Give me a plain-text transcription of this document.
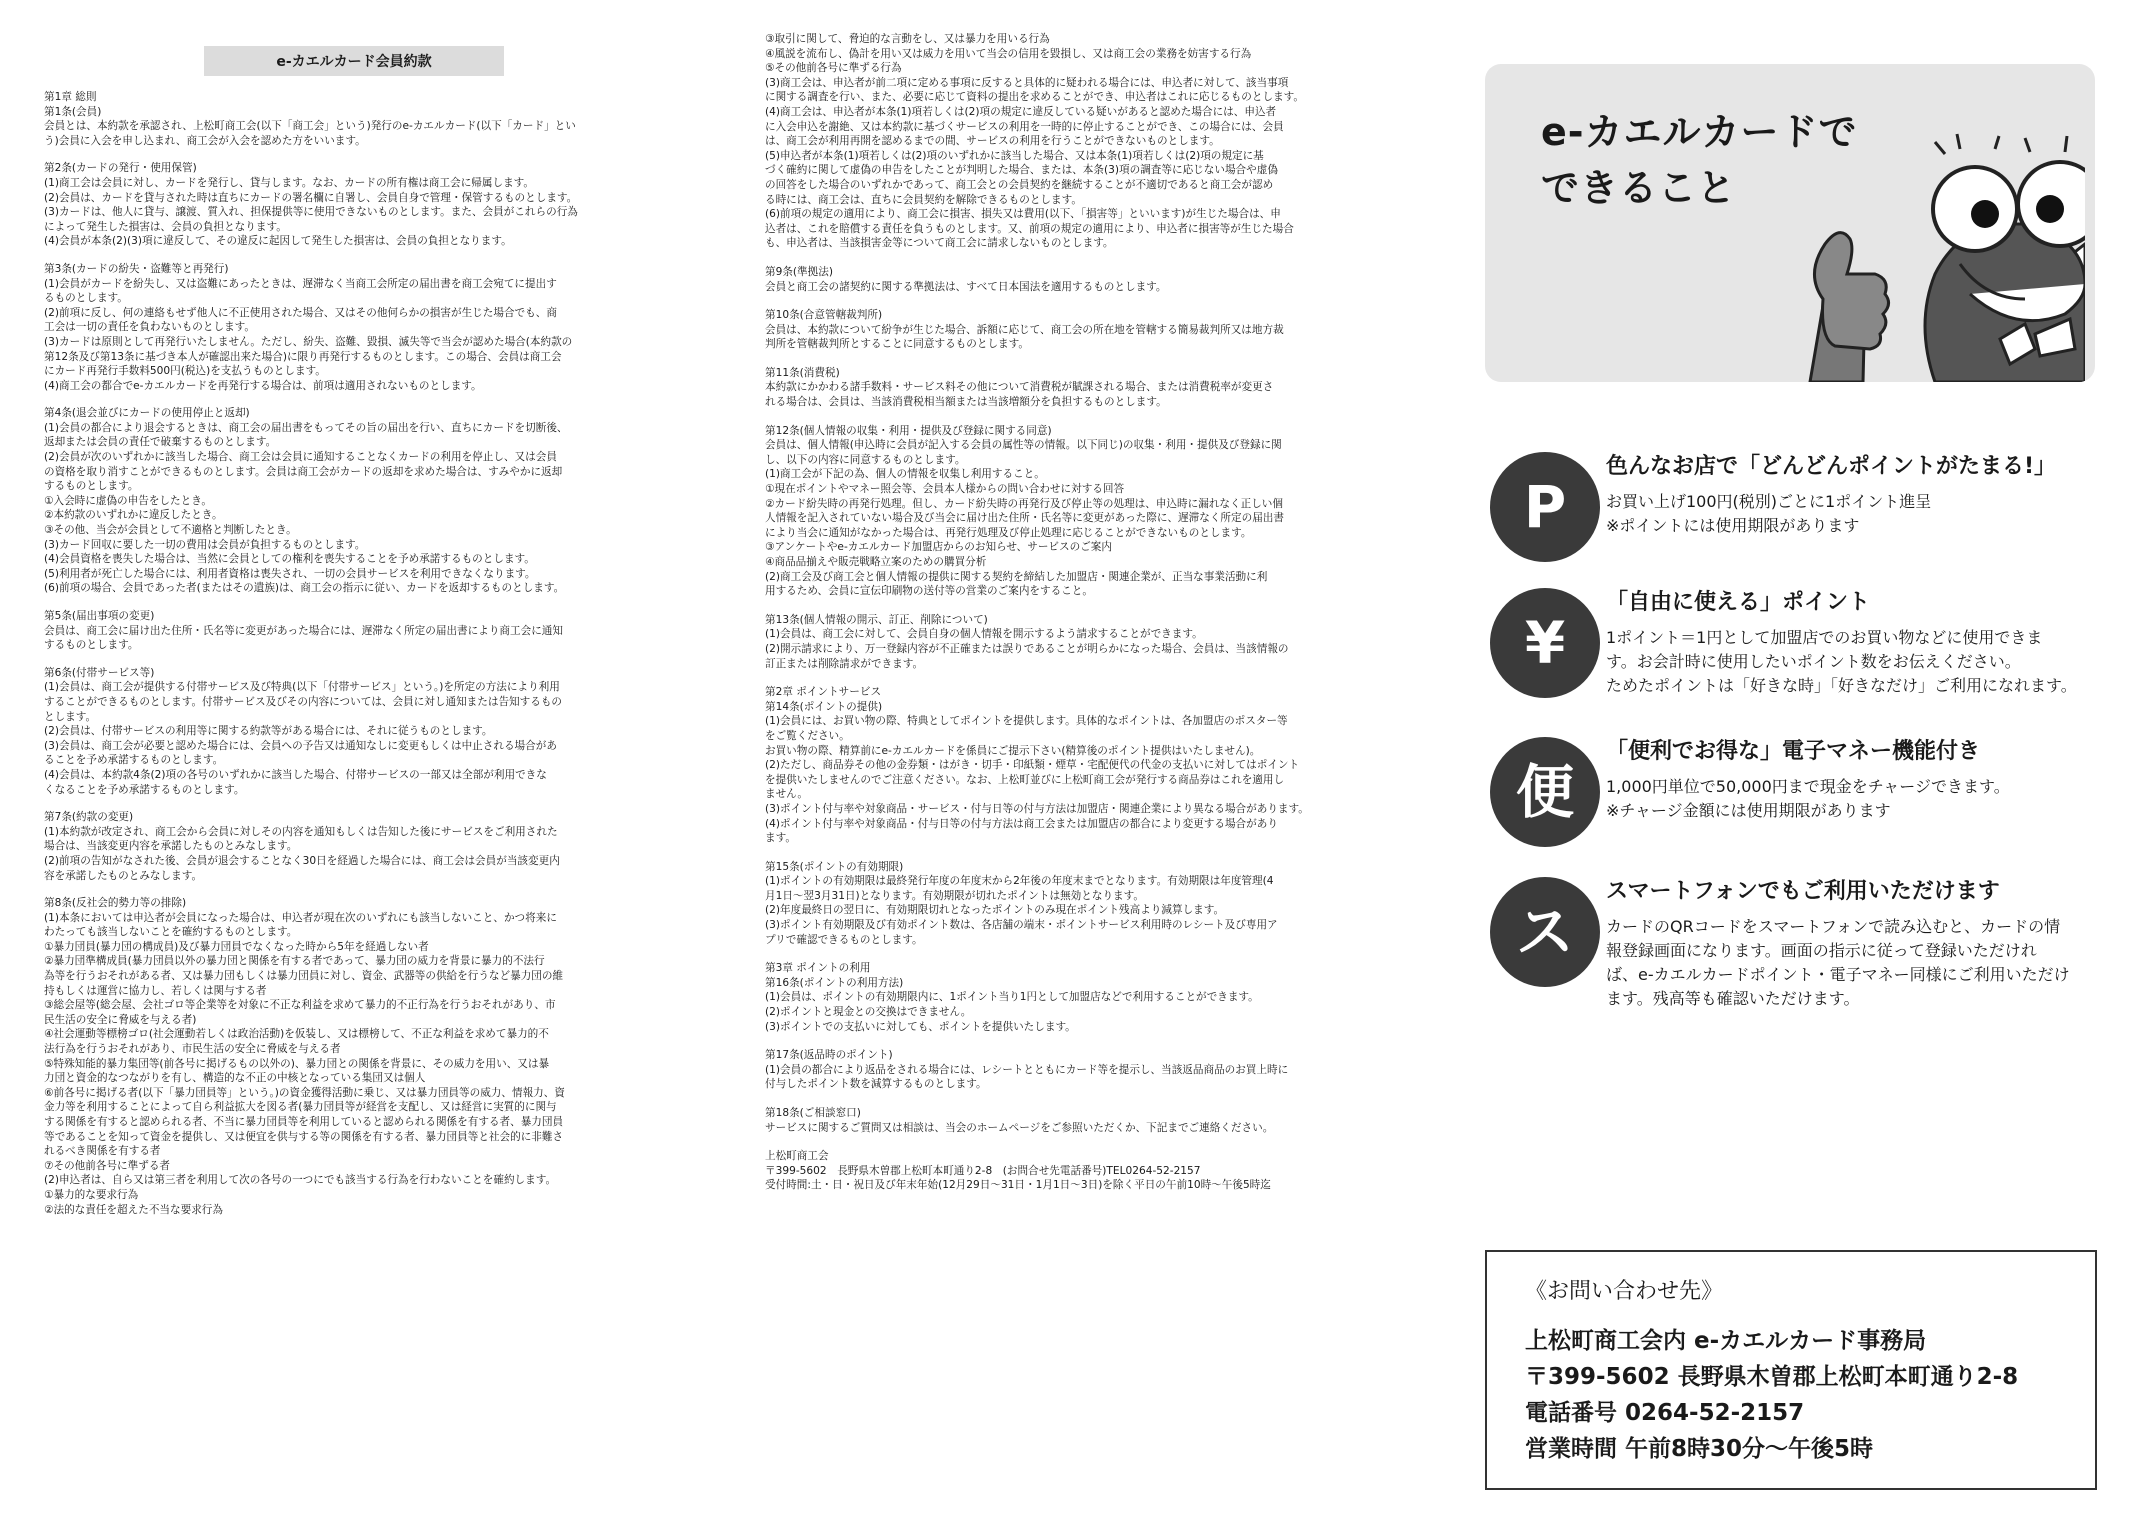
e-カエルカード会員約款
第1章 総則
第1条(会員)
会員とは、本約款を承認され、上松町商工会(以下「商工会」という)発行のe-カエルカード(以下「カード」とい
う)会員に入会を申し込まれ、商工会が入会を認めた方をいいます。
第2条(カードの発行・使用保管)
(1)商工会は会員に対し、カードを発行し、貸与します。なお、カードの所有権は商工会に帰属します。
(2)会員は、カードを貸与された時は直ちにカードの署名欄に自署し、会員自身で管理・保管するものとします。
(3)カードは、他人に貸与、譲渡、質入れ、担保提供等に使用できないものとします。また、会員がこれらの行為
によって発生した損害は、会員の負担となります。
(4)会員が本条(2)(3)項に違反して、その違反に起因して発生した損害は、会員の負担となります。
第3条(カードの紛失・盗難等と再発行)
(1)会員がカードを紛失し、又は盗難にあったときは、遅滞なく当商工会所定の届出書を商工会宛てに提出す
るものとします。
(2)前項に反し、何の連絡もせず他人に不正使用された場合、又はその他何らかの損害が生じた場合でも、商
工会は一切の責任を負わないものとします。
(3)カードは原則として再発行いたしません。ただし、紛失、盗難、毀損、滅失等で当会が認めた場合(本約款の
第12条及び第13条に基づき本人が確認出来た場合)に限り再発行するものとします。この場合、会員は商工会
にカード再発行手数料500円(税込)を支払うものとします。
(4)商工会の都合でe-カエルカードを再発行する場合は、前項は適用されないものとします。
第4条(退会並びにカードの使用停止と返却)
(1)会員の都合により退会するときは、商工会の届出書をもってその旨の届出を行い、直ちにカードを切断後、
返却または会員の責任で破棄するものとします。
(2)会員が次のいずれかに該当した場合、商工会は会員に通知することなくカードの利用を停止し、又は会員
の資格を取り消すことができるものとします。会員は商工会がカードの返却を求めた場合は、すみやかに返却
するものとします。
①入会時に虚偽の申告をしたとき。
②本約款のいずれかに違反したとき。
③その他、当会が会員として不適格と判断したとき。
(3)カード回収に要した一切の費用は会員が負担するものとします。
(4)会員資格を喪失した場合は、当然に会員としての権利を喪失することを予め承諾するものとします。
(5)利用者が死亡した場合には、利用者資格は喪失され、一切の会員サービスを利用できなくなります。
(6)前項の場合、会員であった者(またはその遺族)は、商工会の指示に従い、カードを返却するものとします。
第5条(届出事項の変更)
会員は、商工会に届け出た住所・氏名等に変更があった場合には、遅滞なく所定の届出書により商工会に通知
するものとします。
第6条(付帯サービス等)
(1)会員は、商工会が提供する付帯サービス及び特典(以下「付帯サービス」という。)を所定の方法により利用
することができるものとします。付帯サービス及びその内容については、会員に対し通知または告知するもの
とします。
(2)会員は、付帯サービスの利用等に関する約款等がある場合には、それに従うものとします。
(3)会員は、商工会が必要と認めた場合には、会員への予告又は通知なしに変更もしくは中止される場合があ
ることを予め承諾するものとします。
(4)会員は、本約款4条(2)項の各号のいずれかに該当した場合、付帯サービスの一部又は全部が利用できな
くなることを予め承諾するものとします。
第7条(約款の変更)
(1)本約款が改定され、商工会から会員に対しその内容を通知もしくは告知した後にサービスをご利用された
場合は、当該変更内容を承諾したものとみなします。
(2)前項の告知がなされた後、会員が退会することなく30日を経過した場合には、商工会は会員が当該変更内
容を承諾したものとみなします。
第8条(反社会的勢力等の排除)
(1)本条においては申込者が会員になった場合は、申込者が現在次のいずれにも該当しないこと、かつ将来に
わたっても該当しないことを確約するものとします。
①暴力団員(暴力団の構成員)及び暴力団員でなくなった時から5年を経過しない者
②暴力団準構成員(暴力団員以外の暴力団と関係を有する者であって、暴力団の威力を背景に暴力的不法行
為等を行うおそれがある者、又は暴力団もしくは暴力団員に対し、資金、武器等の供給を行うなど暴力団の維
持もしくは運営に協力し、若しくは関与する者
③総会屋等(総会屋、会社ゴロ等企業等を対象に不正な利益を求めて暴力的不正行為を行うおそれがあり、市
民生活の安全に脅威を与える者)
④社会運動等標榜ゴロ(社会運動若しくは政治活動)を仮装し、又は標榜して、不正な利益を求めて暴力的不
法行為を行うおそれがあり、市民生活の安全に脅威を与える者
⑤特殊知能的暴力集団等(前各号に掲げるもの以外の)、暴力団との関係を背景に、その威力を用い、又は暴
力団と資金的なつながりを有し、構造的な不正の中核となっている集団又は個人
⑥前各号に掲げる者(以下「暴力団員等」という。)の資金獲得活動に乗じ、又は暴力団員等の威力、情報力、資
金力等を利用することによって自ら利益拡大を図る者(暴力団員等が経営を支配し、又は経営に実質的に関与
する関係を有すると認められる者、不当に暴力団員等を利用していると認められる関係を有する者、暴力団員
等であることを知って資金を提供し、又は便宜を供与する等の関係を有する者、暴力団員等と社会的に非難さ
れるべき関係を有する者
⑦その他前各号に準ずる者
(2)申込者は、自ら又は第三者を利用して次の各号の一つにでも該当する行為を行わないことを確約します。
①暴力的な要求行為
②法的な責任を超えた不当な要求行為
③取引に関して、脅迫的な言動をし、又は暴力を用いる行為
④風説を流布し、偽計を用い又は威力を用いて当会の信用を毀損し、又は商工会の業務を妨害する行為
⑤その他前各号に準ずる行為
(3)商工会は、申込者が前二項に定める事項に反すると具体的に疑われる場合には、申込者に対して、該当事項
に関する調査を行い、また、必要に応じて資料の提出を求めることができ、申込者はこれに応じるものとします。
(4)商工会は、申込者が本条(1)項若しくは(2)項の規定に違反している疑いがあると認めた場合には、申込者
に入会申込を謝絶、又は本約款に基づくサービスの利用を一時的に停止することができ、この場合には、会員
は、商工会が利用再開を認めるまでの間、サービスの利用を行うことができないものとします。
(5)申込者が本条(1)項若しくは(2)項のいずれかに該当した場合、又は本条(1)項若しくは(2)項の規定に基
づく確約に関して虚偽の申告をしたことが判明した場合、または、本条(3)項の調査等に応じない場合や虚偽
の回答をした場合のいずれかであって、商工会との会員契約を継続することが不適切であると商工会が認め
る時には、商工会は、直ちに会員契約を解除できるものとします。
(6)前項の規定の適用により、商工会に損害、損失又は費用(以下、「損害等」といいます)が生じた場合は、申
込者は、これを賠償する責任を負うものとします。又、前項の規定の適用により、申込者に損害等が生じた場合
も、申込者は、当該損害金等について商工会に請求しないものとします。
第9条(準拠法)
会員と商工会の諸契約に関する準拠法は、すべて日本国法を適用するものとします。
第10条(合意管轄裁判所)
会員は、本約款について紛争が生じた場合、訴額に応じて、商工会の所在地を管轄する簡易裁判所又は地方裁
判所を管轄裁判所とすることに同意するものとします。
第11条(消費税)
本約款にかかわる諸手数料・サービス料その他について消費税が賦課される場合、または消費税率が変更さ
れる場合は、会員は、当該消費税相当額または当該増額分を負担するものとします。
第12条(個人情報の収集・利用・提供及び登録に関する同意)
会員は、個人情報(申込時に会員が記入する会員の属性等の情報。以下同じ)の収集・利用・提供及び登録に関
し、以下の内容に同意するものとします。
(1)商工会が下記の為、個人の情報を収集し利用すること。
①現在ポイントやマネー照会等、会員本人様からの問い合わせに対する回答
②カード紛失時の再発行処理。但し、カード紛失時の再発行及び停止等の処理は、申込時に漏れなく正しい個
人情報を記入されていない場合及び当会に届け出た住所・氏名等に変更があった際に、遅滞なく所定の届出書
により当会に通知がなかった場合は、再発行処理及び停止処理に応じることができないものとします。
③アンケートやe-カエルカード加盟店からのお知らせ、サービスのご案内
④商品品揃えや販売戦略立案のための購買分析
(2)商工会及び商工会と個人情報の提供に関する契約を締結した加盟店・関連企業が、正当な事業活動に利
用するため、会員に宣伝印刷物の送付等の営業のご案内をすること。
第13条(個人情報の開示、訂正、削除について)
(1)会員は、商工会に対して、会員自身の個人情報を開示するよう請求することができます。
(2)開示請求により、万一登録内容が不正確または誤りであることが明らかになった場合、会員は、当該情報の
訂正または削除請求ができます。
第2章 ポイントサービス
第14条(ポイントの提供)
(1)会員には、お買い物の際、特典としてポイントを提供します。具体的なポイントは、各加盟店のポスター等
をご覧ください。
お買い物の際、精算前にe-カエルカードを係員にご提示下さい(精算後のポイント提供はいたしません)。
(2)ただし、商品券その他の金券類・はがき・切手・印紙類・煙草・宅配便代の代金の支払いに対してはポイント
を提供いたしませんのでご注意ください。なお、上松町並びに上松町商工会が発行する商品券はこれを適用し
ません。
(3)ポイント付与率や対象商品・サービス・付与日等の付与方法は加盟店・関連企業により異なる場合があります。
(4)ポイント付与率や対象商品・付与日等の付与方法は商工会または加盟店の都合により変更する場合があり
ます。
第15条(ポイントの有効期限)
(1)ポイントの有効期限は最終発行年度の年度末から2年後の年度末までとなります。有効期限は年度管理(4
月1日～翌3月31日)となります。有効期限が切れたポイントは無効となります。
(2)年度最終日の翌日に、有効期限切れとなったポイントのみ現在ポイント残高より減算します。
(3)ポイント有効期限及び有効ポイント数は、各店舗の端末・ポイントサービス利用時のレシート及び専用ア
プリで確認できるものとします。
第3章 ポイントの利用
第16条(ポイントの利用方法)
(1)会員は、ポイントの有効期限内に、1ポイント当り1円として加盟店などで利用することができます。
(2)ポイントと現金との交換はできません。
(3)ポイントでの支払いに対しても、ポイントを提供いたします。
第17条(返品時のポイント)
(1)会員の都合により返品をされる場合には、レシートとともにカード等を提示し、当該返品商品のお買上時に
付与したポイント数を減算するものとします。
第18条(ご相談窓口)
サービスに関するご質問又は相談は、当会のホームページをご参照いただくか、下記までご連絡ください。
上松町商工会
〒399-5602　長野県木曽郡上松町本町通り2-8　(お問合せ先電話番号)TEL0264-52-2157
受付時間:土・日・祝日及び年末年始(12月29日～31日・1月1日～3日)を除く平日の午前10時～午後5時迄
e-カエルカードで
できること
P
色んなお店で「どんどんポイントがたまる!」
お買い上げ100円(税別)ごとに1ポイント進呈
※ポイントには使用期限があります
¥
「自由に使える」ポイント
1ポイント＝1円として加盟店でのお買い物などに使用できま
す。お会計時に使用したいポイント数をお伝えください。
ためたポイントは「好きな時」「好きなだけ」ご利用になれます。
便
「便利でお得な」電子マネー機能付き
1,000円単位で50,000円まで現金をチャージできます。
※チャージ金額には使用期限があります
ス
スマートフォンでもご利用いただけます
カードのQRコードをスマートフォンで読み込むと、カードの情
報登録画面になります。画面の指示に従って登録いただけれ
ば、e-カエルカードポイント・電子マネー同様にご利用いただけ
ます。残高等も確認いただけます。
《お問い合わせ先》
上松町商工会内 e-カエルカード事務局
〒399-5602 長野県木曽郡上松町本町通り2-8
電話番号 0264-52-2157
営業時間 午前8時30分～午後5時
